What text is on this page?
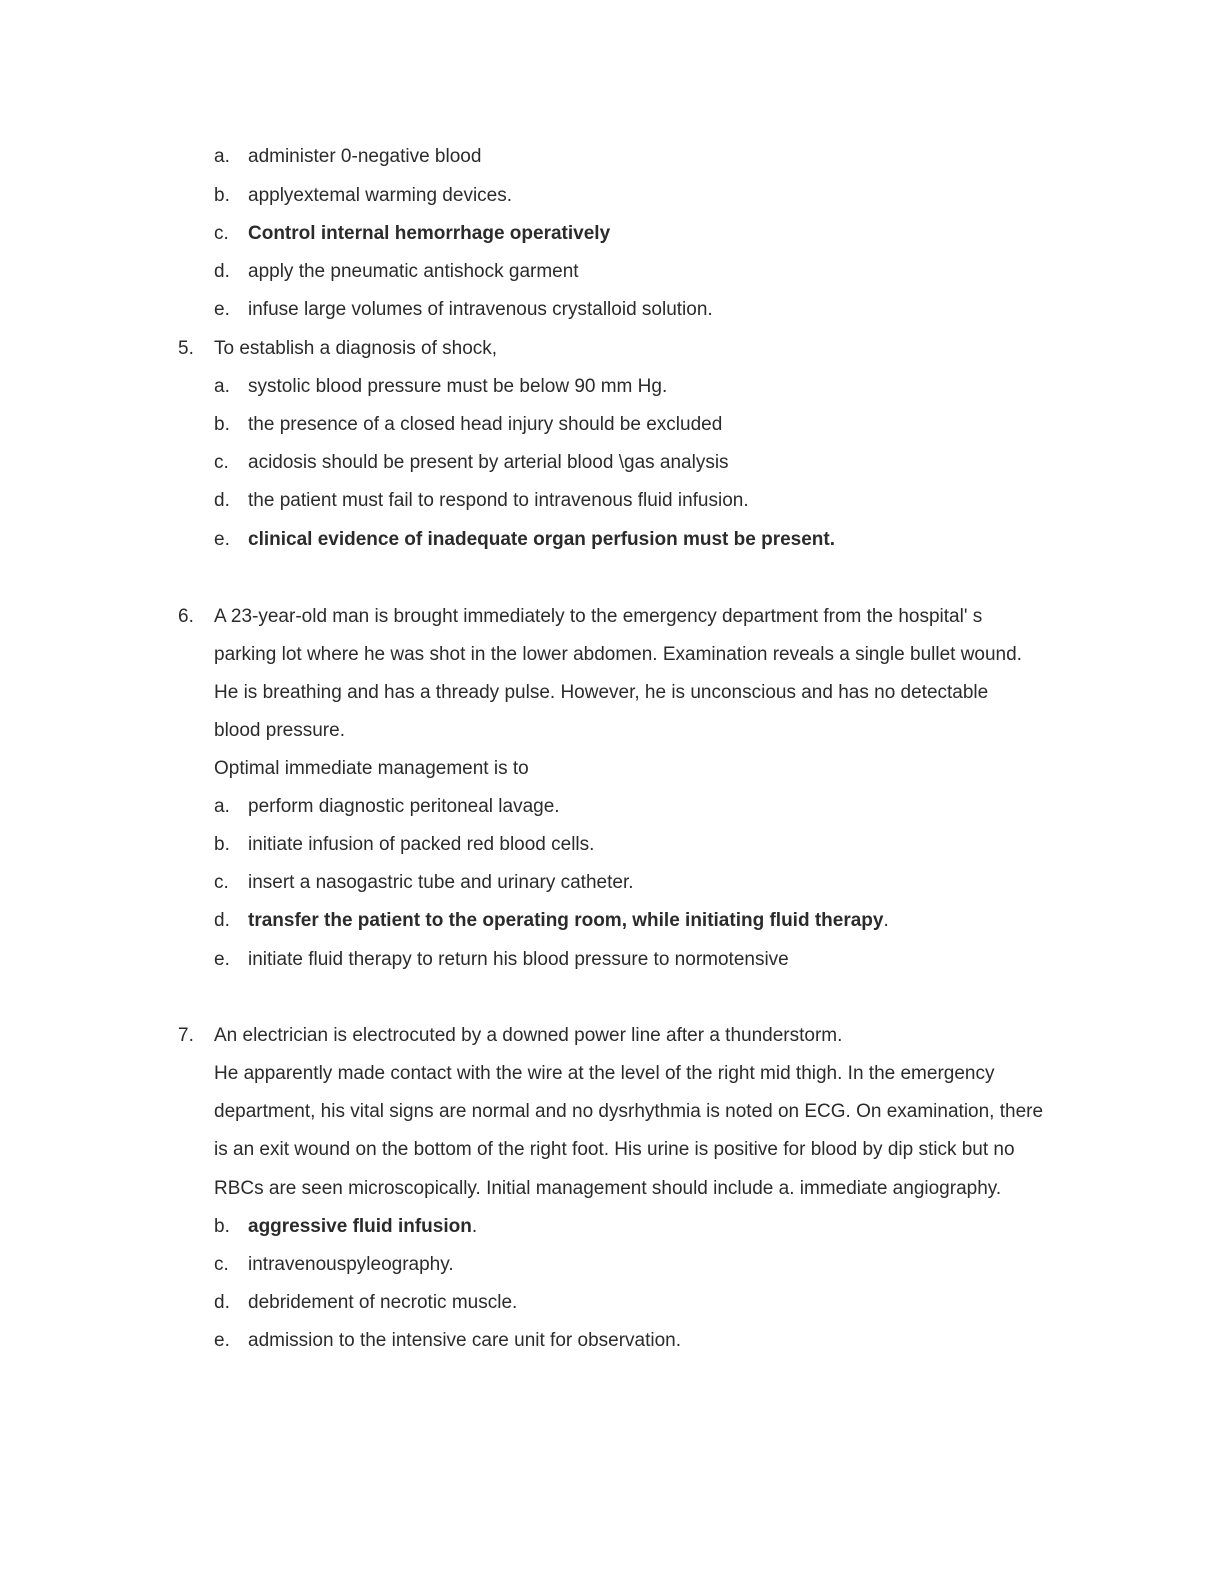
a. administer 0-negative blood
b. applyextemal warming devices.
c. Control internal hemorrhage operatively
d. apply the pneumatic antishock garment
e. infuse large volumes of intravenous crystalloid solution.
5. To establish a diagnosis of shock,
a. systolic blood pressure must be below 90 mm Hg.
b. the presence of a closed head injury should be excluded
c. acidosis should be present by arterial blood \gas analysis
d. the patient must fail to respond to intravenous fluid infusion.
e. clinical evidence of inadequate organ perfusion must be present.
6. A 23-year-old man is brought immediately to the emergency department from the hospital' s
parking lot where he was shot in the lower abdomen. Examination reveals a single bullet wound.
He is breathing and has a thready pulse. However, he is unconscious and has no detectable
blood pressure.
Optimal immediate management is to
a. perform diagnostic peritoneal lavage.
b. initiate infusion of packed red blood cells.
c. insert a nasogastric tube and urinary catheter.
d. transfer the patient to the operating room, while initiating fluid therapy.
e. initiate fluid therapy to return his blood pressure to normotensive
7. An electrician is electrocuted by a downed power line after a thunderstorm.
He apparently made contact with the wire at the level of the right mid thigh. In the emergency
department, his vital signs are normal and no dysrhythmia is noted on ECG. On examination, there
is an exit wound on the bottom of the right foot. His urine is positive for blood by dip stick but no
RBCs are seen microscopically. Initial management should include a. immediate angiography.
b. aggressive fluid infusion.
c. intravenouspyleography.
d. debridement of necrotic muscle.
e. admission to the intensive care unit for observation.
